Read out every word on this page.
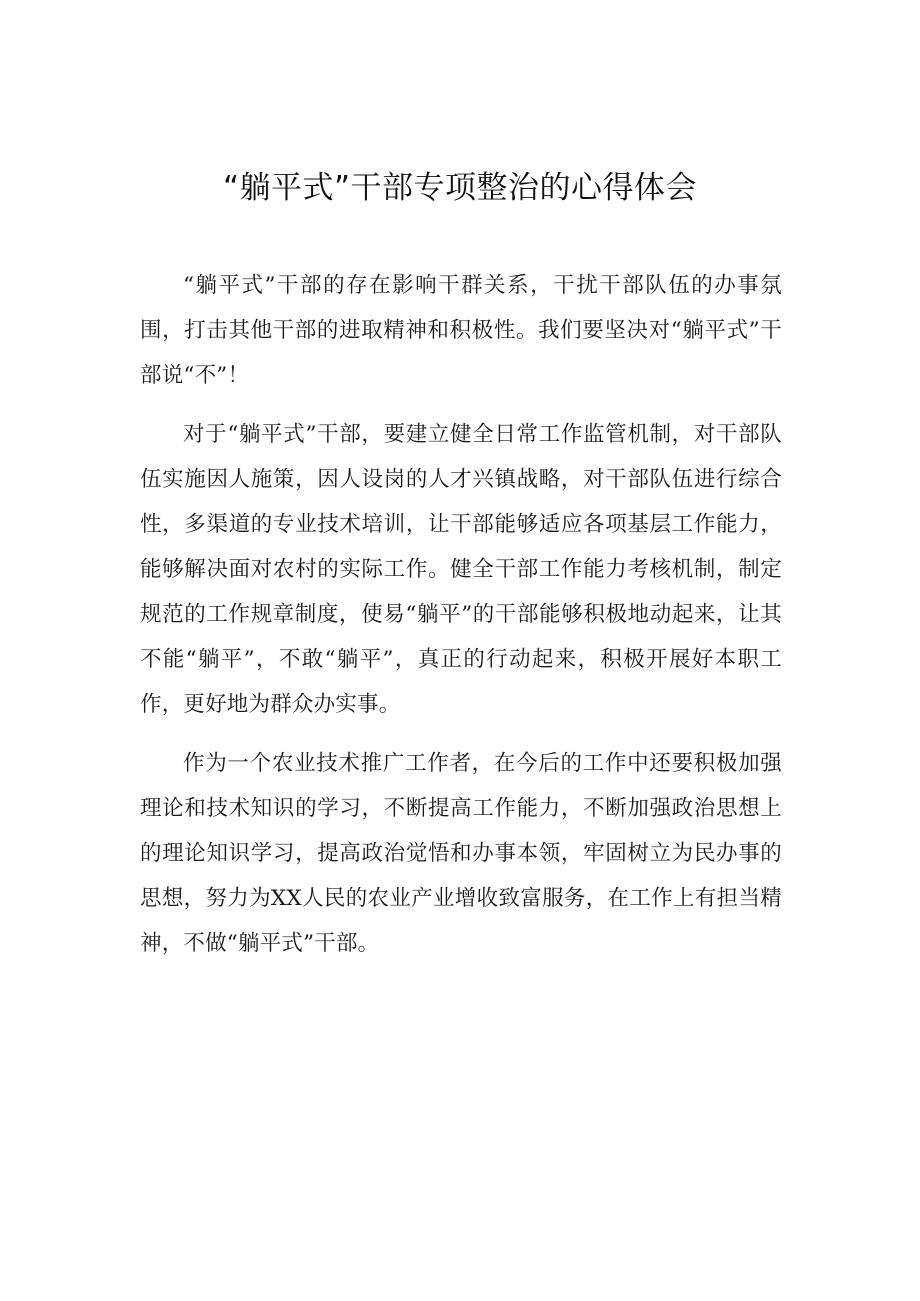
“躺平式”干部专项整治的心得体会

“躺平式”干部的存在影响干群关系，干扰干部队伍的办事氛围，打击其他干部的进取精神和积极性。我们要坚决对“躺平式”干部说“不”！

对于“躺平式”干部，要建立健全日常工作监管机制，对干部队伍实施因人施策，因人设岗的人才兴镇战略，对干部队伍进行综合性，多渠道的专业技术培训，让干部能够适应各项基层工作能力，能够解决面对农村的实际工作。健全干部工作能力考核机制，制定规范的工作规章制度，使易“躺平”的干部能够积极地动起来，让其不能“躺平”，不敢“躺平”，真正的行动起来，积极开展好本职工作，更好地为群众办实事。

作为一个农业技术推广工作者，在今后的工作中还要积极加强理论和技术知识的学习，不断提高工作能力，不断加强政治思想上的理论知识学习，提高政治觉悟和办事本领，牢固树立为民办事的思想，努力为XX人民的农业产业增收致富服务，在工作上有担当精神，不做“躺平式”干部。
